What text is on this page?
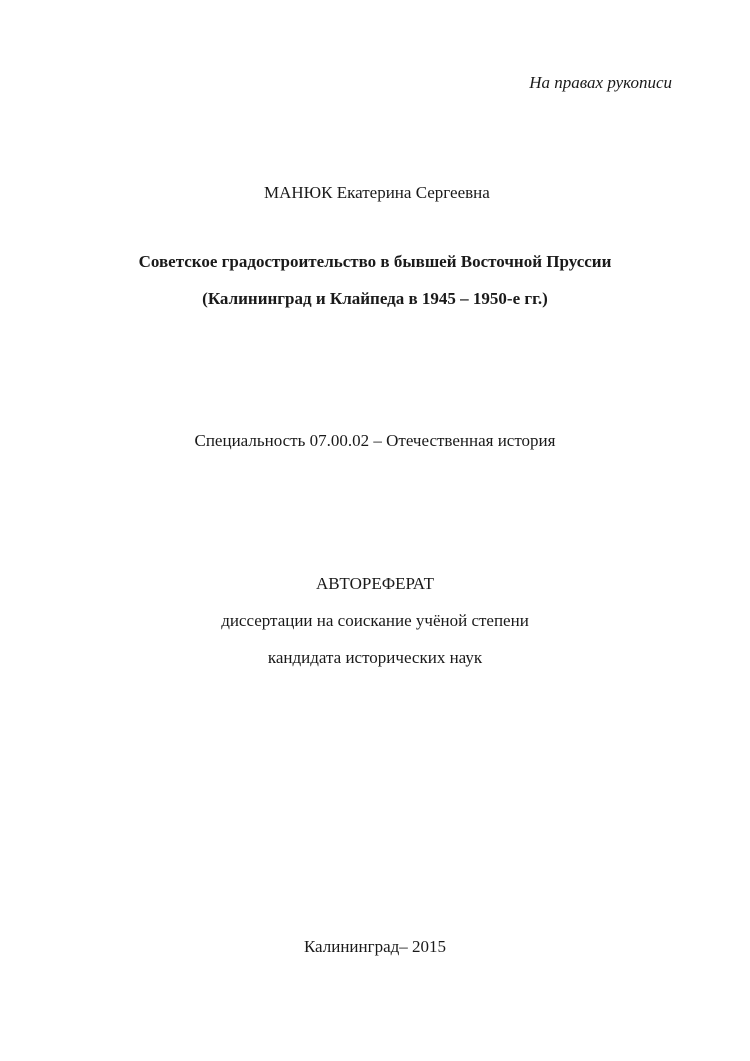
На правах рукописи
МАНЮК Екатерина Сергеевна
Советское градостроительство в бывшей Восточной Пруссии
(Калининград и Клайпеда в 1945 – 1950-е гг.)
Специальность 07.00.02 – Отечественная история
АВТОРЕФЕРАТ
диссертации на соискание учёной степени
кандидата исторических наук
Калининград– 2015
